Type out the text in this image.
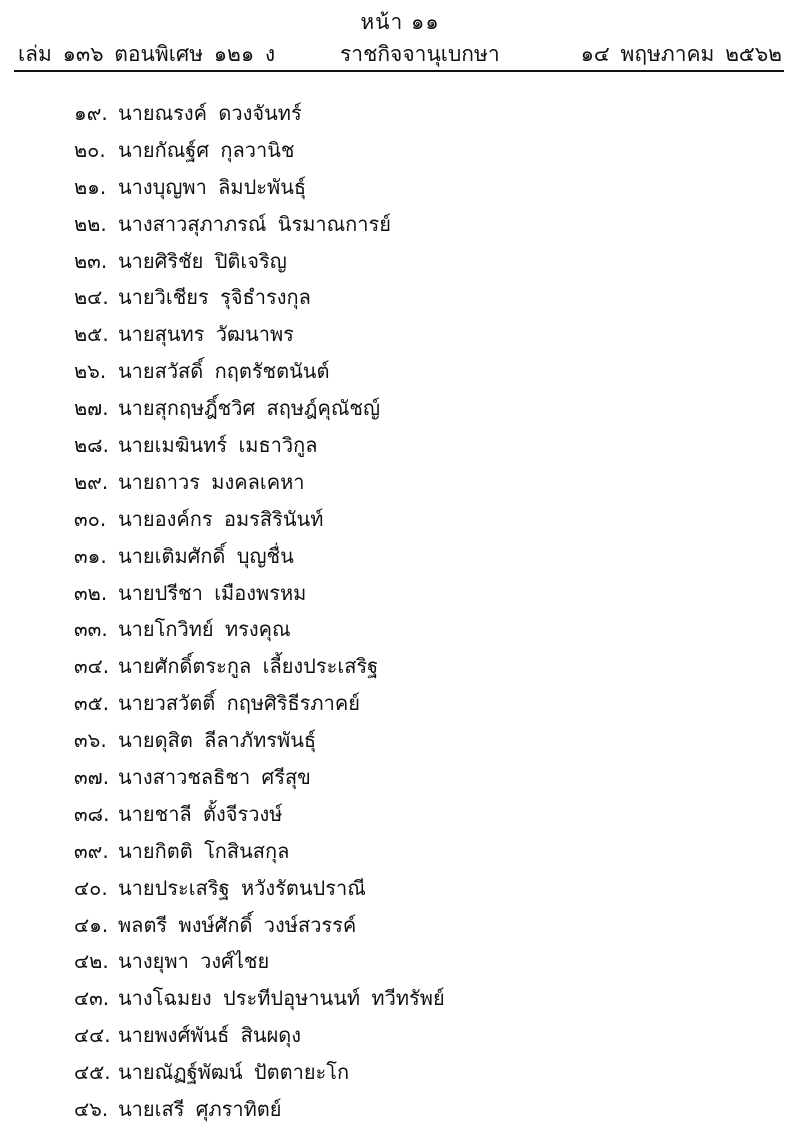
หน้า ๑๑
เล่ม ๑๓๖ ตอนพิเศษ ๑๒๑ ง	ราชกิจจานุเบกษา	๑๔ พฤษภาคม ๒๕๖๒
๑๙. นายณรงค์ ดวงจันทร์
๒๐. นายกัณฐ์ศ กุลวานิช
๒๑. นางบุญพา ลิมปะพันธุ์
๒๒. นางสาวสุภาภรณ์ นิรมาณการย์
๒๓. นายศิริชัย ปิติเจริญ
๒๔. นายวิเชียร รุจิธำรงกุล
๒๕. นายสุนทร วัฒนาพร
๒๖. นายสวัสดิ์ กฤตรัชตนันต์
๒๗. นายสุกฤษฎิ์ชวิศ สฤษฎ์คุณัชญ์
๒๘. นายเมฆินทร์ เมธาวิกูล
๒๙. นายถาวร มงคลเคหา
๓๐. นายองค์กร อมรสิรินันท์
๓๑. นายเติมศักดิ์ บุญชื่น
๓๒. นายปรีชา เมืองพรหม
๓๓. นายโกวิทย์ ทรงคุณ
๓๔. นายศักดิ์ตระกูล เลี้ยงประเสริฐ
๓๕. นายวสวัตติ์ กฤษศิริธีรภาคย์
๓๖. นายดุสิต ลีลาภัทรพันธุ์
๓๗. นางสาวชลธิชา ศรีสุข
๓๘. นายชาลี ตั้งจีรวงษ์
๓๙. นายกิตติ โกสินสกุล
๔๐. นายประเสริฐ หวังรัตนปราณี
๔๑. พลตรี พงษ์ศักดิ์ วงษ์สวรรค์
๔๒. นางยุพา วงศ์ไชย
๔๓. นางโฉมยง ประทีปอุษานนท์ ทวีทรัพย์
๔๔. นายพงศ์พันธ์ สินผดุง
๔๕. นายณัฏฐ์พัฒน์ ปัตตายะโก
๔๖. นายเสรี ศุภราทิตย์
